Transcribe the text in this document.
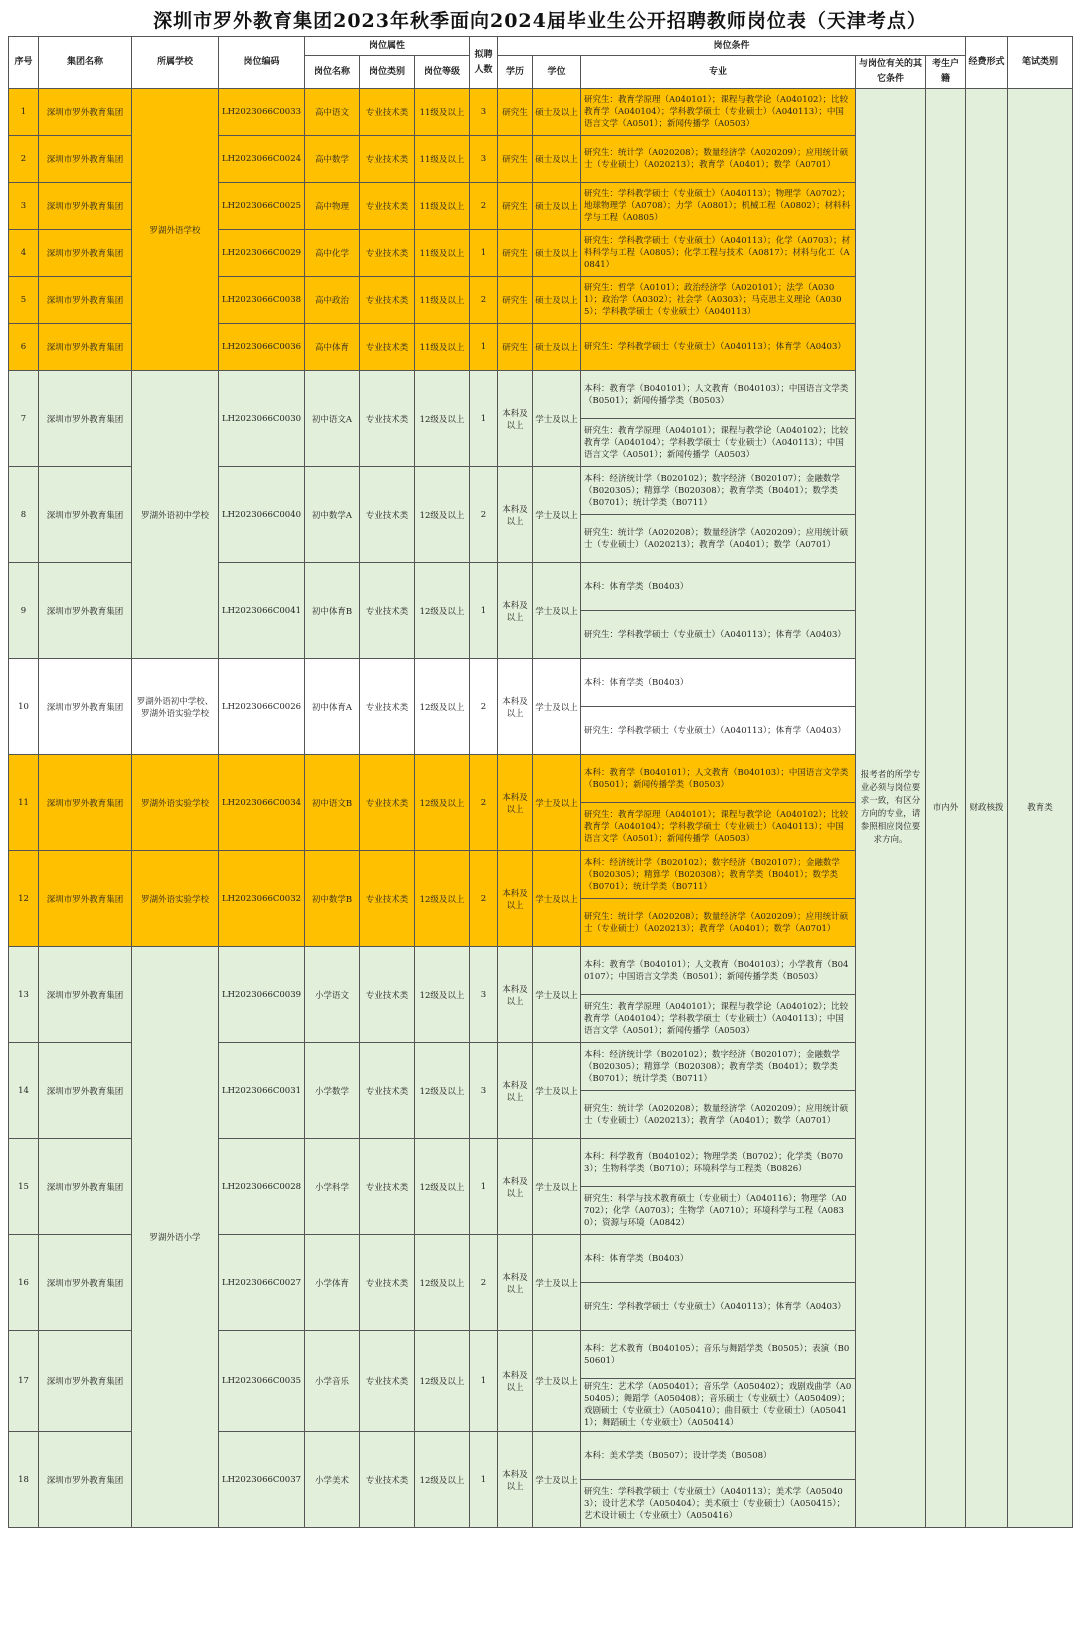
深圳市罗外教育集团2023年秋季面向2024届毕业生公开招聘教师岗位表（天津考点）
序号	集团名称	所属学校	岗位编码	岗位属性			拟聘人数	岗位条件					经费形式	笔试类别
				岗位名称	岗位类别	岗位等级		学历	学位	专业	与岗位有关的其它条件	考生户籍		
1	深圳市罗外教育集团	罗湖外语学校	LH2023066C0033	高中语文	专业技术类	11级及以上	3	研究生	硕士及以上	研究生：教育学原理（A040101）；课程与教学论（A040102）；比较教育学（A040104）；学科教学硕士（专业硕士）（A040113）；中国语言文学（A0501）；新闻传播学（A0503）	报考者的所学专业必须与岗位要求一致，有区分方向的专业，请参照相应岗位要求方向。	市内外	财政核拨	教育类
2	深圳市罗外教育集团		LH2023066C0024	高中数学	专业技术类	11级及以上	3	研究生	硕士及以上	研究生：统计学（A020208）；数量经济学（A020209）；应用统计硕士（专业硕士）（A020213）；教育学（A0401）；数学（A0701）				
3	深圳市罗外教育集团		LH2023066C0025	高中物理	专业技术类	11级及以上	2	研究生	硕士及以上	研究生：学科教学硕士（专业硕士）（A040113）；物理学（A0702）；地球物理学（A0708）；力学（A0801）；机械工程（A0802）；材料科学与工程（A0805）				
4	深圳市罗外教育集团		LH2023066C0029	高中化学	专业技术类	11级及以上	1	研究生	硕士及以上	研究生：学科教学硕士（专业硕士）（A040113）；化学（A0703）；材料科学与工程（A0805）；化学工程与技术（A0817）；材料与化工（A0841）				
5	深圳市罗外教育集团		LH2023066C0038	高中政治	专业技术类	11级及以上	2	研究生	硕士及以上	研究生：哲学（A0101）；政治经济学（A020101）；法学（A0301）；政治学（A0302）；社会学（A0303）；马克思主义理论（A0305）；学科教学硕士（专业硕士）（A040113）				
6	深圳市罗外教育集团		LH2023066C0036	高中体育	专业技术类	11级及以上	1	研究生	硕士及以上	研究生：学科教学硕士（专业硕士）（A040113）；体育学（A0403）				
7	深圳市罗外教育集团	罗湖外语初中学校	LH2023066C0030	初中语文A	专业技术类	12级及以上	1	本科及以上	学士及以上	本科：教育学（B040101）；人文教育（B040103）；中国语言文学类（B0501）；新闻传播学类（B0503）				
										研究生：教育学原理（A040101）；课程与教学论（A040102）；比较教育学（A040104）；学科教学硕士（专业硕士）（A040113）；中国语言文学（A0501）；新闻传播学（A0503）				
8	深圳市罗外教育集团		LH2023066C0040	初中数学A	专业技术类	12级及以上	2	本科及以上	学士及以上	本科：经济统计学（B020102）；数字经济（B020107）；金融数学（B020305）；精算学（B020308）；教育学类（B0401）；数学类（B0701）；统计学类（B0711）				
										研究生：统计学（A020208）；数量经济学（A020209）；应用统计硕士（专业硕士）（A020213）；教育学（A0401）；数学（A0701）				
9	深圳市罗外教育集团		LH2023066C0041	初中体育B	专业技术类	12级及以上	1	本科及以上	学士及以上	本科：体育学类（B0403）				
										研究生：学科教学硕士（专业硕士）（A040113）；体育学（A0403）				
10	深圳市罗外教育集团	罗湖外语初中学校、罗湖外语实验学校	LH2023066C0026	初中体育A	专业技术类	12级及以上	2	本科及以上	学士及以上	本科：体育学类（B0403）				
										研究生：学科教学硕士（专业硕士）（A040113）；体育学（A0403）				
11	深圳市罗外教育集团	罗湖外语实验学校	LH2023066C0034	初中语文B	专业技术类	12级及以上	2	本科及以上	学士及以上	本科：教育学（B040101）；人文教育（B040103）；中国语言文学类（B0501）；新闻传播学类（B0503）				
										研究生：教育学原理（A040101）；课程与教学论（A040102）；比较教育学（A040104）；学科教学硕士（专业硕士）（A040113）；中国语言文学（A0501）；新闻传播学（A0503）				
12	深圳市罗外教育集团	罗湖外语实验学校	LH2023066C0032	初中数学B	专业技术类	12级及以上	2	本科及以上	学士及以上	本科：经济统计学（B020102）；数字经济（B020107）；金融数学（B020305）；精算学（B020308）；教育学类（B0401）；数学类（B0701）；统计学类（B0711）				
										研究生：统计学（A020208）；数量经济学（A020209）；应用统计硕士（专业硕士）（A020213）；教育学（A0401）；数学（A0701）				
13	深圳市罗外教育集团	罗湖外语小学	LH2023066C0039	小学语文	专业技术类	12级及以上	3	本科及以上	学士及以上	本科：教育学（B040101）；人文教育（B040103）；小学教育（B040107）；中国语言文学类（B0501）；新闻传播学类（B0503）				
										研究生：教育学原理（A040101）；课程与教学论（A040102）；比较教育学（A040104）；学科教学硕士（专业硕士）（A040113）；中国语言文学（A0501）；新闻传播学（A0503）				
14	深圳市罗外教育集团		LH2023066C0031	小学数学	专业技术类	12级及以上	3	本科及以上	学士及以上	本科：经济统计学（B020102）；数字经济（B020107）；金融数学（B020305）；精算学（B020308）；教育学类（B0401）；数学类（B0701）；统计学类（B0711）				
										研究生：统计学（A020208）；数量经济学（A020209）；应用统计硕士（专业硕士）（A020213）；教育学（A0401）；数学（A0701）				
15	深圳市罗外教育集团		LH2023066C0028	小学科学	专业技术类	12级及以上	1	本科及以上	学士及以上	本科：科学教育（B040102）；物理学类（B0702）；化学类（B0703）；生物科学类（B0710）；环境科学与工程类（B0826）				
										研究生：科学与技术教育硕士（专业硕士）（A040116）；物理学（A0702）；化学（A0703）；生物学（A0710）；环境科学与工程（A0830）；资源与环境（A0842）				
16	深圳市罗外教育集团		LH2023066C0027	小学体育	专业技术类	12级及以上	2	本科及以上	学士及以上	本科：体育学类（B0403）				
										研究生：学科教学硕士（专业硕士）（A040113）；体育学（A0403）				
17	深圳市罗外教育集团		LH2023066C0035	小学音乐	专业技术类	12级及以上	1	本科及以上	学士及以上	本科：艺术教育（B040105）；音乐与舞蹈学类（B0505）；表演（B050601）				
										研究生：艺术学（A050401）；音乐学（A050402）；戏剧戏曲学（A050405）；舞蹈学（A050408）；音乐硕士（专业硕士）（A050409）；戏剧硕士（专业硕士）（A050410）；曲目硕士（专业硕士）（A050411）；舞蹈硕士（专业硕士）（A050414）				
18	深圳市罗外教育集团		LH2023066C0037	小学美术	专业技术类	12级及以上	1	本科及以上	学士及以上	本科：美术学类（B0507）；设计学类（B0508）				
										研究生：学科教学硕士（专业硕士）（A040113）；美术学（A050403）；设计艺术学（A050404）；美术硕士（专业硕士）（A050415）；艺术设计硕士（专业硕士）（A050416）				
